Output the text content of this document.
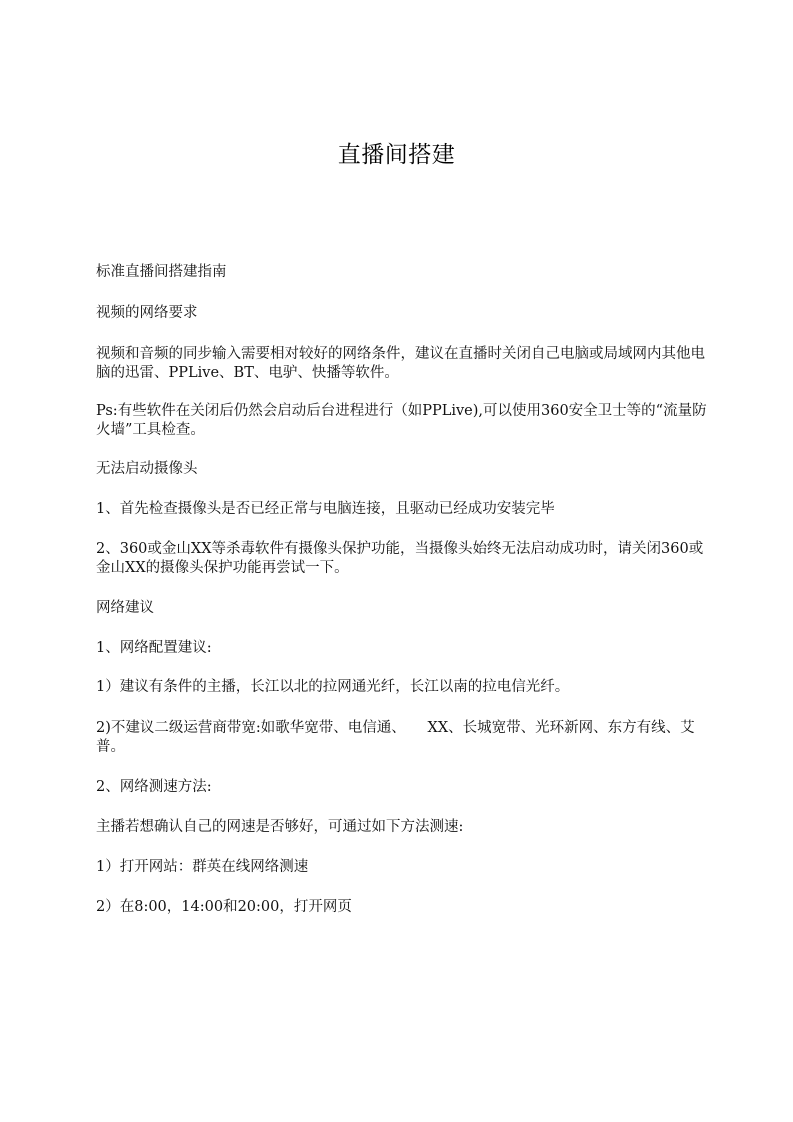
直播间搭建
标准直播间搭建指南
视频的网络要求
视频和音频的同步输入需要相对较好的网络条件，建议在直播时关闭自己电脑或局域网内其他电脑的迅雷、PPLive、BT、电驴、快播等软件。
Ps:有些软件在关闭后仍然会启动后台进程进行（如PPLive),可以使用360安全卫士等的“流量防火墙”工具检查。
无法启动摄像头
1、首先检查摄像头是否已经正常与电脑连接，且驱动已经成功安装完毕
2、360或金山XX等杀毒软件有摄像头保护功能，当摄像头始终无法启动成功时，请关闭360或金山XX的摄像头保护功能再尝试一下。
网络建议
1、网络配置建议:
1）建议有条件的主播，长江以北的拉网通光纤，长江以南的拉电信光纤。
2)不建议二级运营商带宽:如歌华宽带、电信通、　　XX、长城宽带、光环新网、东方有线、艾普。
2、网络测速方法:
主播若想确认自己的网速是否够好，可通过如下方法测速:
1）打开网站：群英在线网络测速
2）在8:00，14:00和20:00，打开网页
